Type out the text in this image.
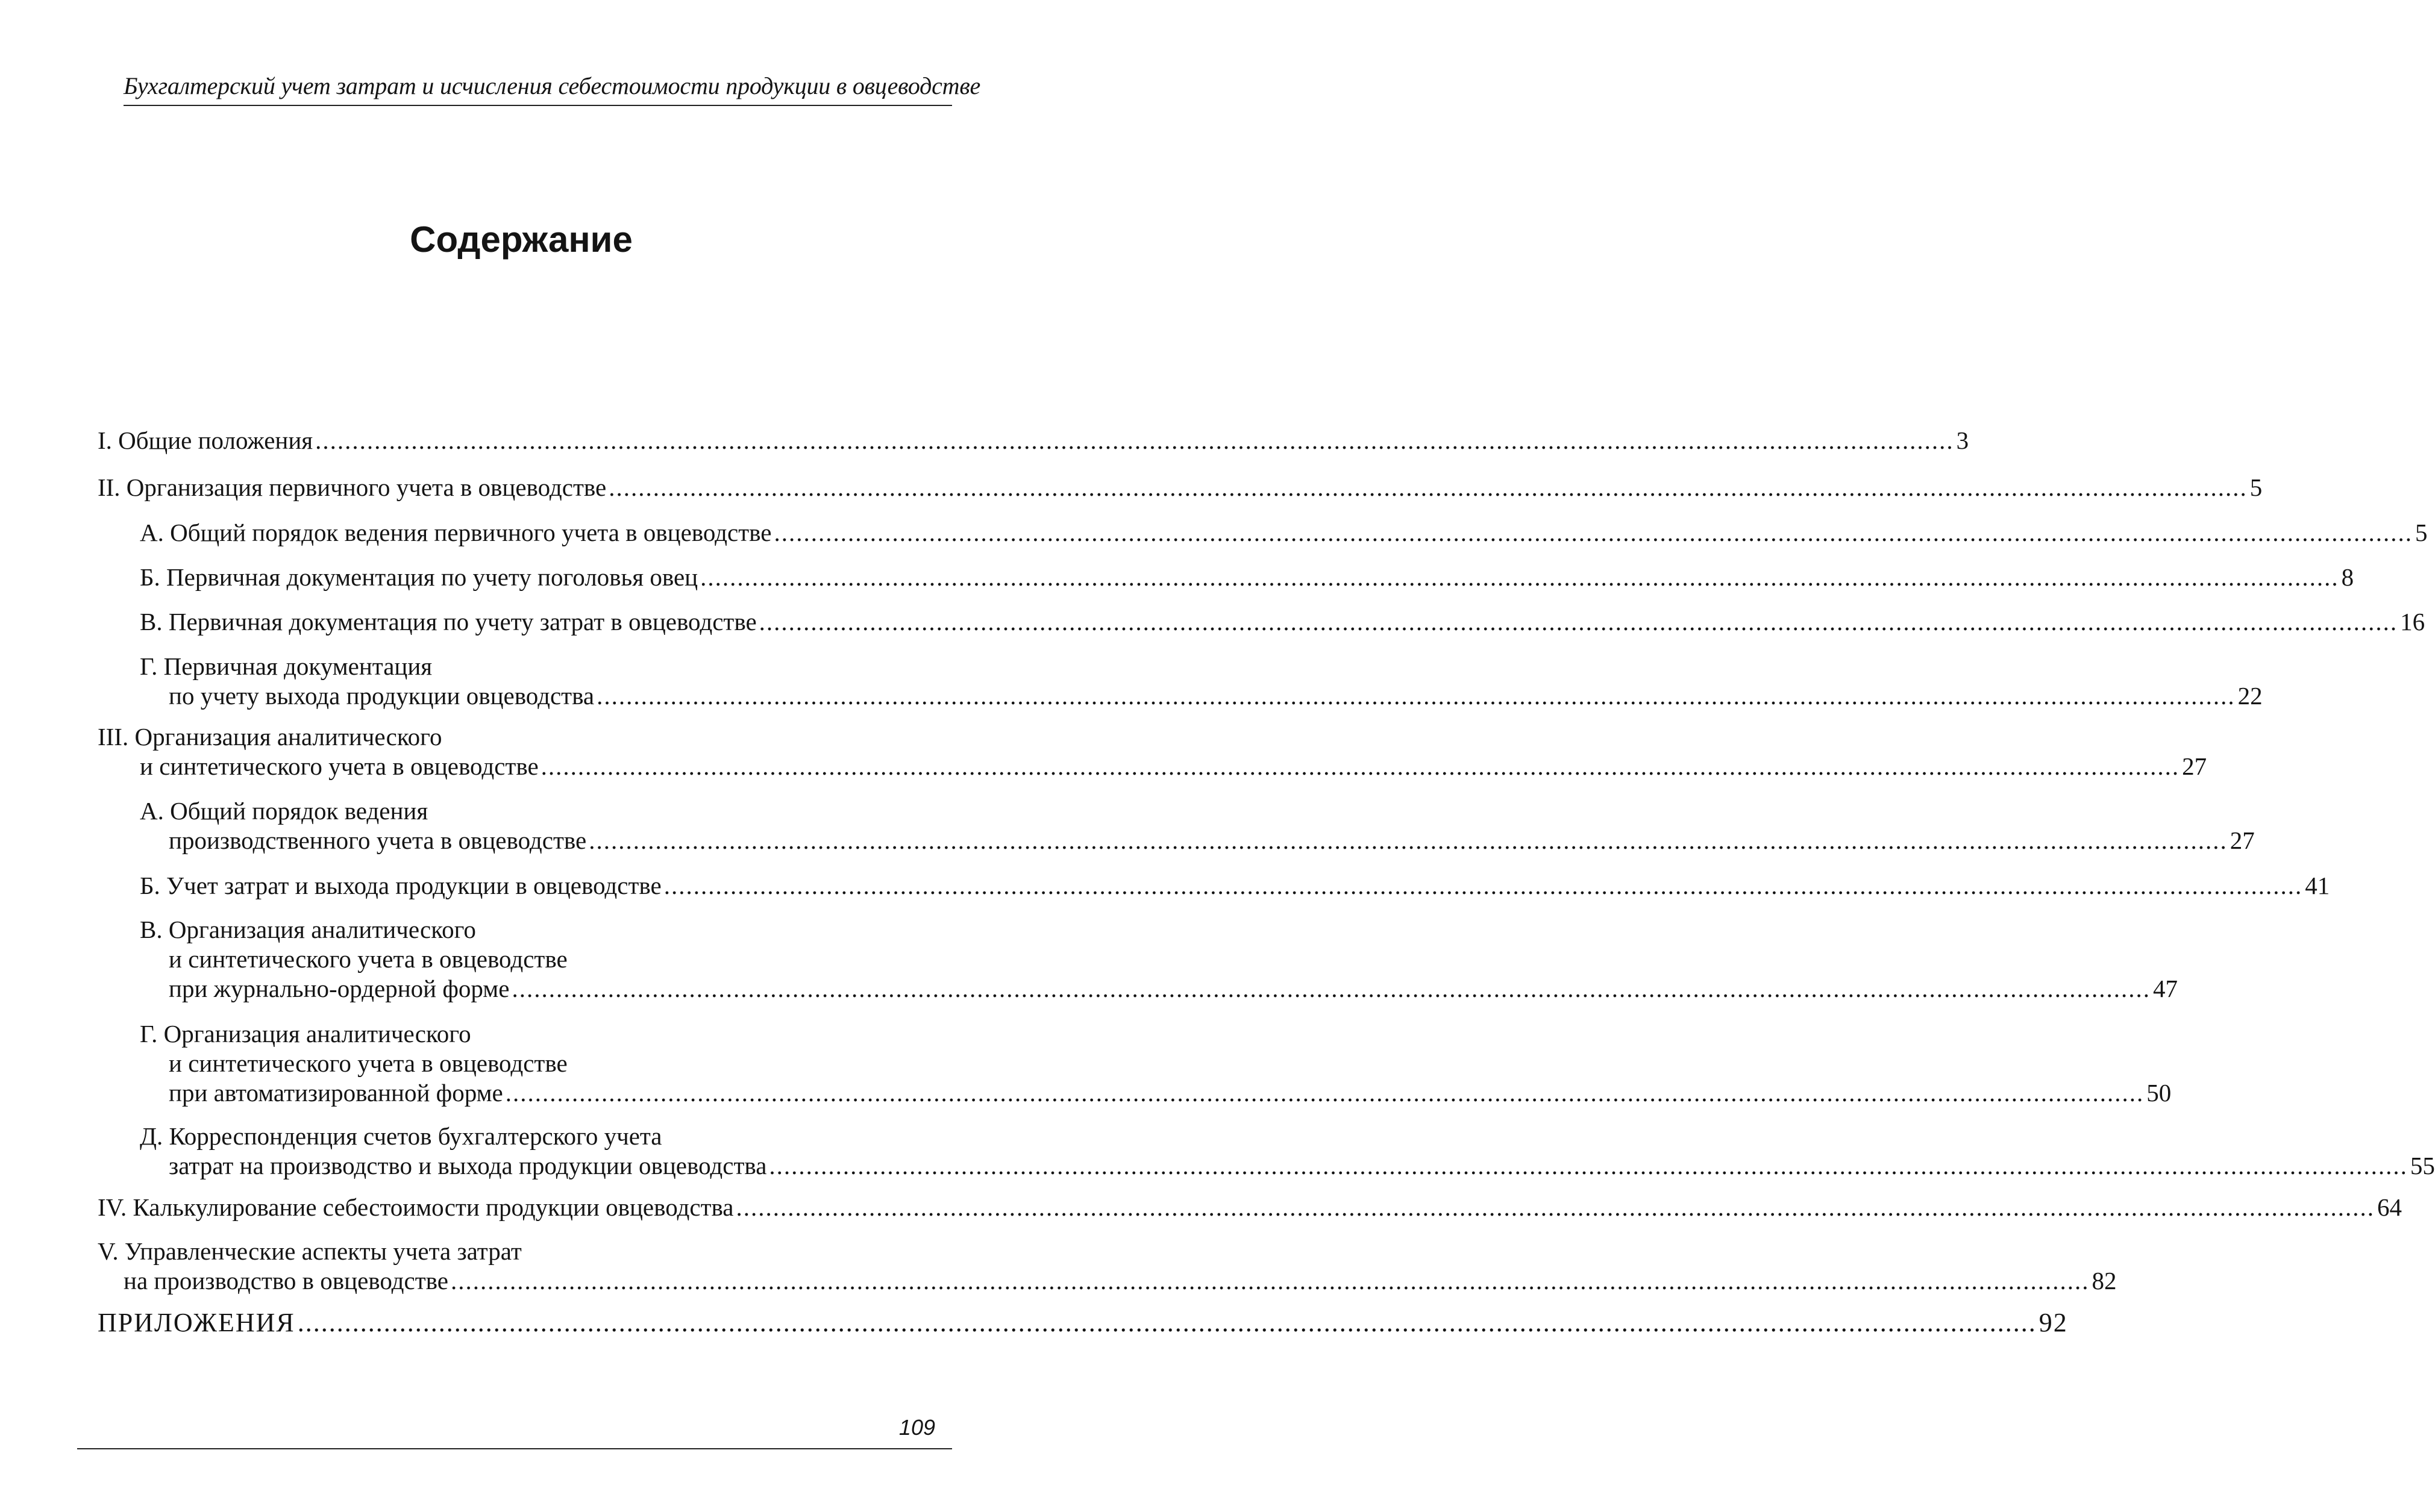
Бухгалтерский учет затрат и исчисления себестоимости продукции в овцеводстве
Содержание
I. Общие положения .............................................................................................................................................................................................................................. 3
II. Организация первичного учета в овцеводстве .............................................................................................................................................................................................................................. 5
А. Общий порядок ведения первичного учета в овцеводстве .............................................................................................................................................................................................................................. 5
Б. Первичная документация по учету поголовья овец .............................................................................................................................................................................................................................. 8
В. Первичная документация по учету затрат в овцеводстве .............................................................................................................................................................................................................................. 16
Г. Первичная документация
по учету выхода продукции овцеводства .............................................................................................................................................................................................................................. 22
III. Организация аналитического
и синтетического учета в овцеводстве .............................................................................................................................................................................................................................. 27
А. Общий порядок ведения
производственного учета в овцеводстве .............................................................................................................................................................................................................................. 27
Б. Учет затрат и выхода продукции в овцеводстве .............................................................................................................................................................................................................................. 41
В. Организация аналитического
и синтетического учета в овцеводстве
при журнально-ордерной форме .............................................................................................................................................................................................................................. 47
Г. Организация аналитического
и синтетического учета в овцеводстве
при автоматизированной форме .............................................................................................................................................................................................................................. 50
Д. Корреспонденция счетов бухгалтерского учета
затрат на производство и выхода продукции овцеводства .............................................................................................................................................................................................................................. 55
IV. Калькулирование себестоимости продукции овцеводства .............................................................................................................................................................................................................................. 64
V. Управленческие аспекты учета затрат
на производство в овцеводстве .............................................................................................................................................................................................................................. 82
ПРИЛОЖЕНИЯ .............................................................................................................................................................................................................................. 92
109
